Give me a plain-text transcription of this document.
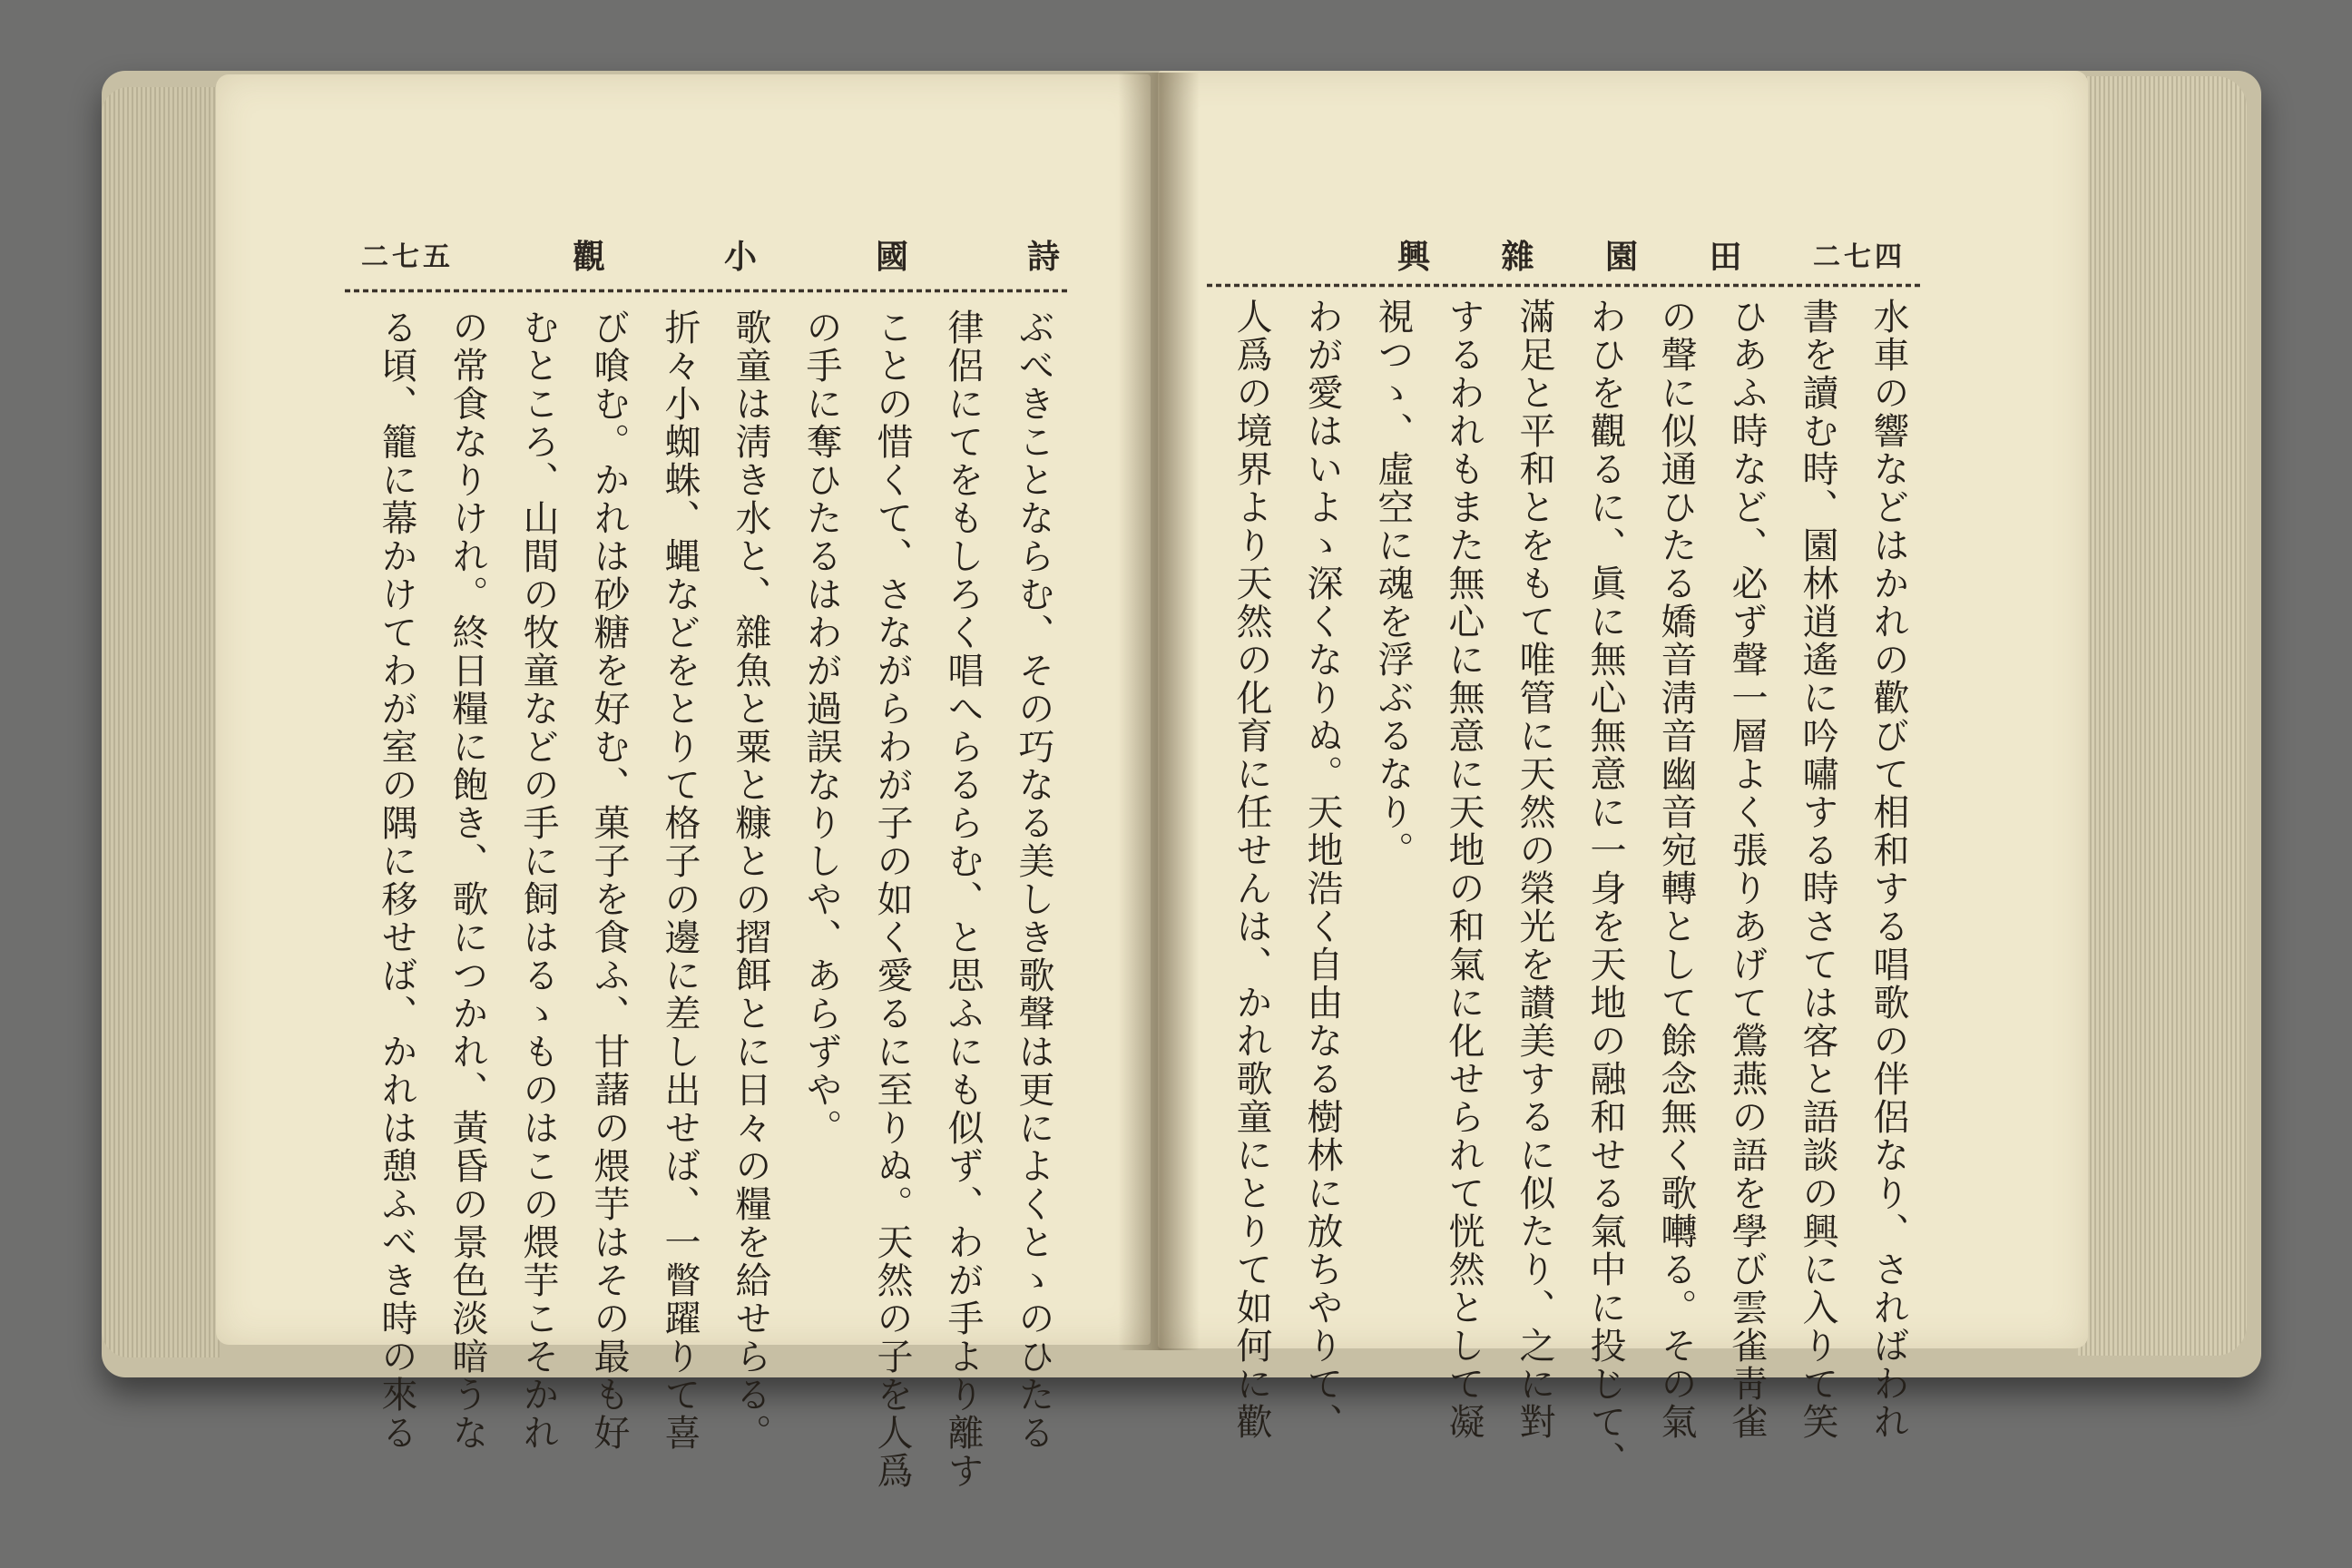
二七五	觀	小	國	詩	興 雜 園 田	二七四
ぶべきことならむ、その巧なる美しき歌聲は更によくとゝのひたる
律侶にてをもしろく唱へらるらむ、と思ふにも似ず、わが手より離す
ことの惜くて、さながらわが子の如く愛るに至りぬ。天然の子を人爲
の手に奪ひたるはわが過誤なりしや、あらずや。
歌童は淸き水と、雜魚と粟と糠との摺餌とに日々の糧を給せらる。
折々小蜘蛛、蝿などをとりて格子の邊に差し出せば、一瞥躍りて喜
び喰む。かれは砂糖を好む、菓子を食ふ、甘藷の煨芋はその最も好
むところ、山間の牧童などの手に飼はるゝものはこの煨芋こそかれ
の常食なりけれ。終日糧に飽き、歌につかれ、黃昏の景色淡暗うな
る頃、籠に幕かけてわが室の隅に移せば、かれは憩ふべき時の來る	水車の響などはかれの歡びて相和する唱歌の伴侶なり、さればわれ
書を讀む時、園林逍遙に吟嘯する時さては客と語談の興に入りて笑
ひあふ時など、必ず聲一層よく張りあげて鶯燕の語を學び雲雀靑雀
の聲に似通ひたる嬌音淸音幽音宛轉として餘念無く歌囀る。その氣
わひを觀るに、眞に無心無意に一身を天地の融和せる氣中に投じて、
滿足と平和とをもて唯管に天然の榮光を讃美するに似たり、之に對
するわれもまた無心に無意に天地の和氣に化せられて恍然として凝
視つゝ、虛空に魂を浮ぶるなり。
わが愛はいよゝ深くなりぬ。天地浩く自由なる樹林に放ちやりて、
人爲の境界より天然の化育に任せんは、かれ歌童にとりて如何に歡
